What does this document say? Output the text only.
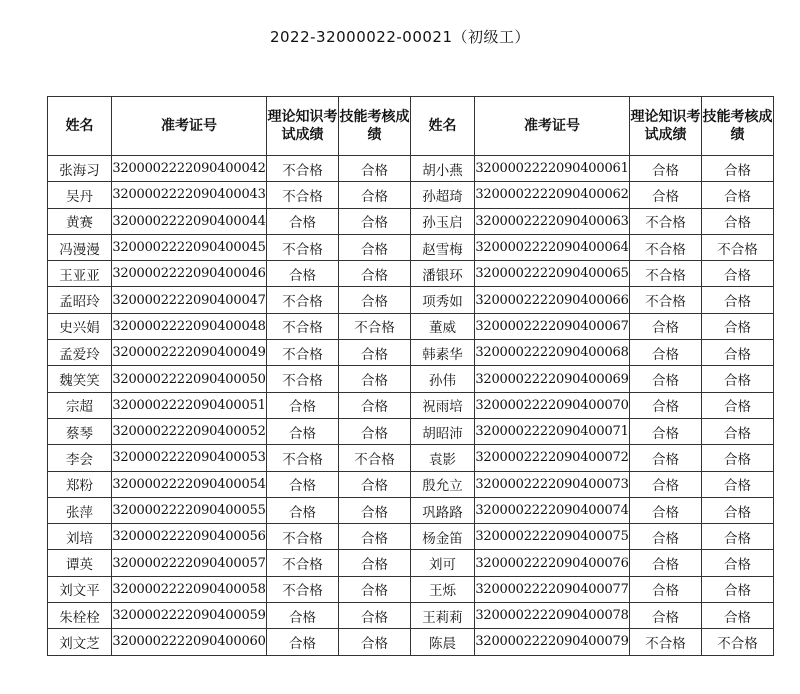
2022-32000022-00021（初级工）
姓名	准考证号	理论知识考试成绩	技能考核成绩	姓名	准考证号	理论知识考试成绩	技能考核成绩
张海习	3200002222090400042	不合格	合格	胡小燕	3200002222090400061	合格	合格
吴丹	3200002222090400043	不合格	合格	孙超琦	3200002222090400062	合格	合格
黄赛	3200002222090400044	合格	合格	孙玉启	3200002222090400063	不合格	合格
冯漫漫	3200002222090400045	不合格	合格	赵雪梅	3200002222090400064	不合格	不合格
王亚亚	3200002222090400046	合格	合格	潘银环	3200002222090400065	不合格	合格
孟昭玲	3200002222090400047	不合格	合格	项秀如	3200002222090400066	不合格	合格
史兴娟	3200002222090400048	不合格	不合格	董威	3200002222090400067	合格	合格
孟爱玲	3200002222090400049	不合格	合格	韩素华	3200002222090400068	合格	合格
魏笑笑	3200002222090400050	不合格	合格	孙伟	3200002222090400069	合格	合格
宗超	3200002222090400051	合格	合格	祝雨培	3200002222090400070	合格	合格
蔡琴	3200002222090400052	合格	合格	胡昭沛	3200002222090400071	合格	合格
李会	3200002222090400053	不合格	不合格	袁影	3200002222090400072	合格	合格
郑粉	3200002222090400054	合格	合格	殷允立	3200002222090400073	合格	合格
张萍	3200002222090400055	合格	合格	巩路路	3200002222090400074	合格	合格
刘培	3200002222090400056	不合格	合格	杨金笛	3200002222090400075	合格	合格
谭英	3200002222090400057	不合格	合格	刘可	3200002222090400076	合格	合格
刘文平	3200002222090400058	不合格	合格	王烁	3200002222090400077	合格	合格
朱栓栓	3200002222090400059	合格	合格	王莉莉	3200002222090400078	合格	合格
刘文芝	3200002222090400060	合格	合格	陈晨	3200002222090400079	不合格	不合格
